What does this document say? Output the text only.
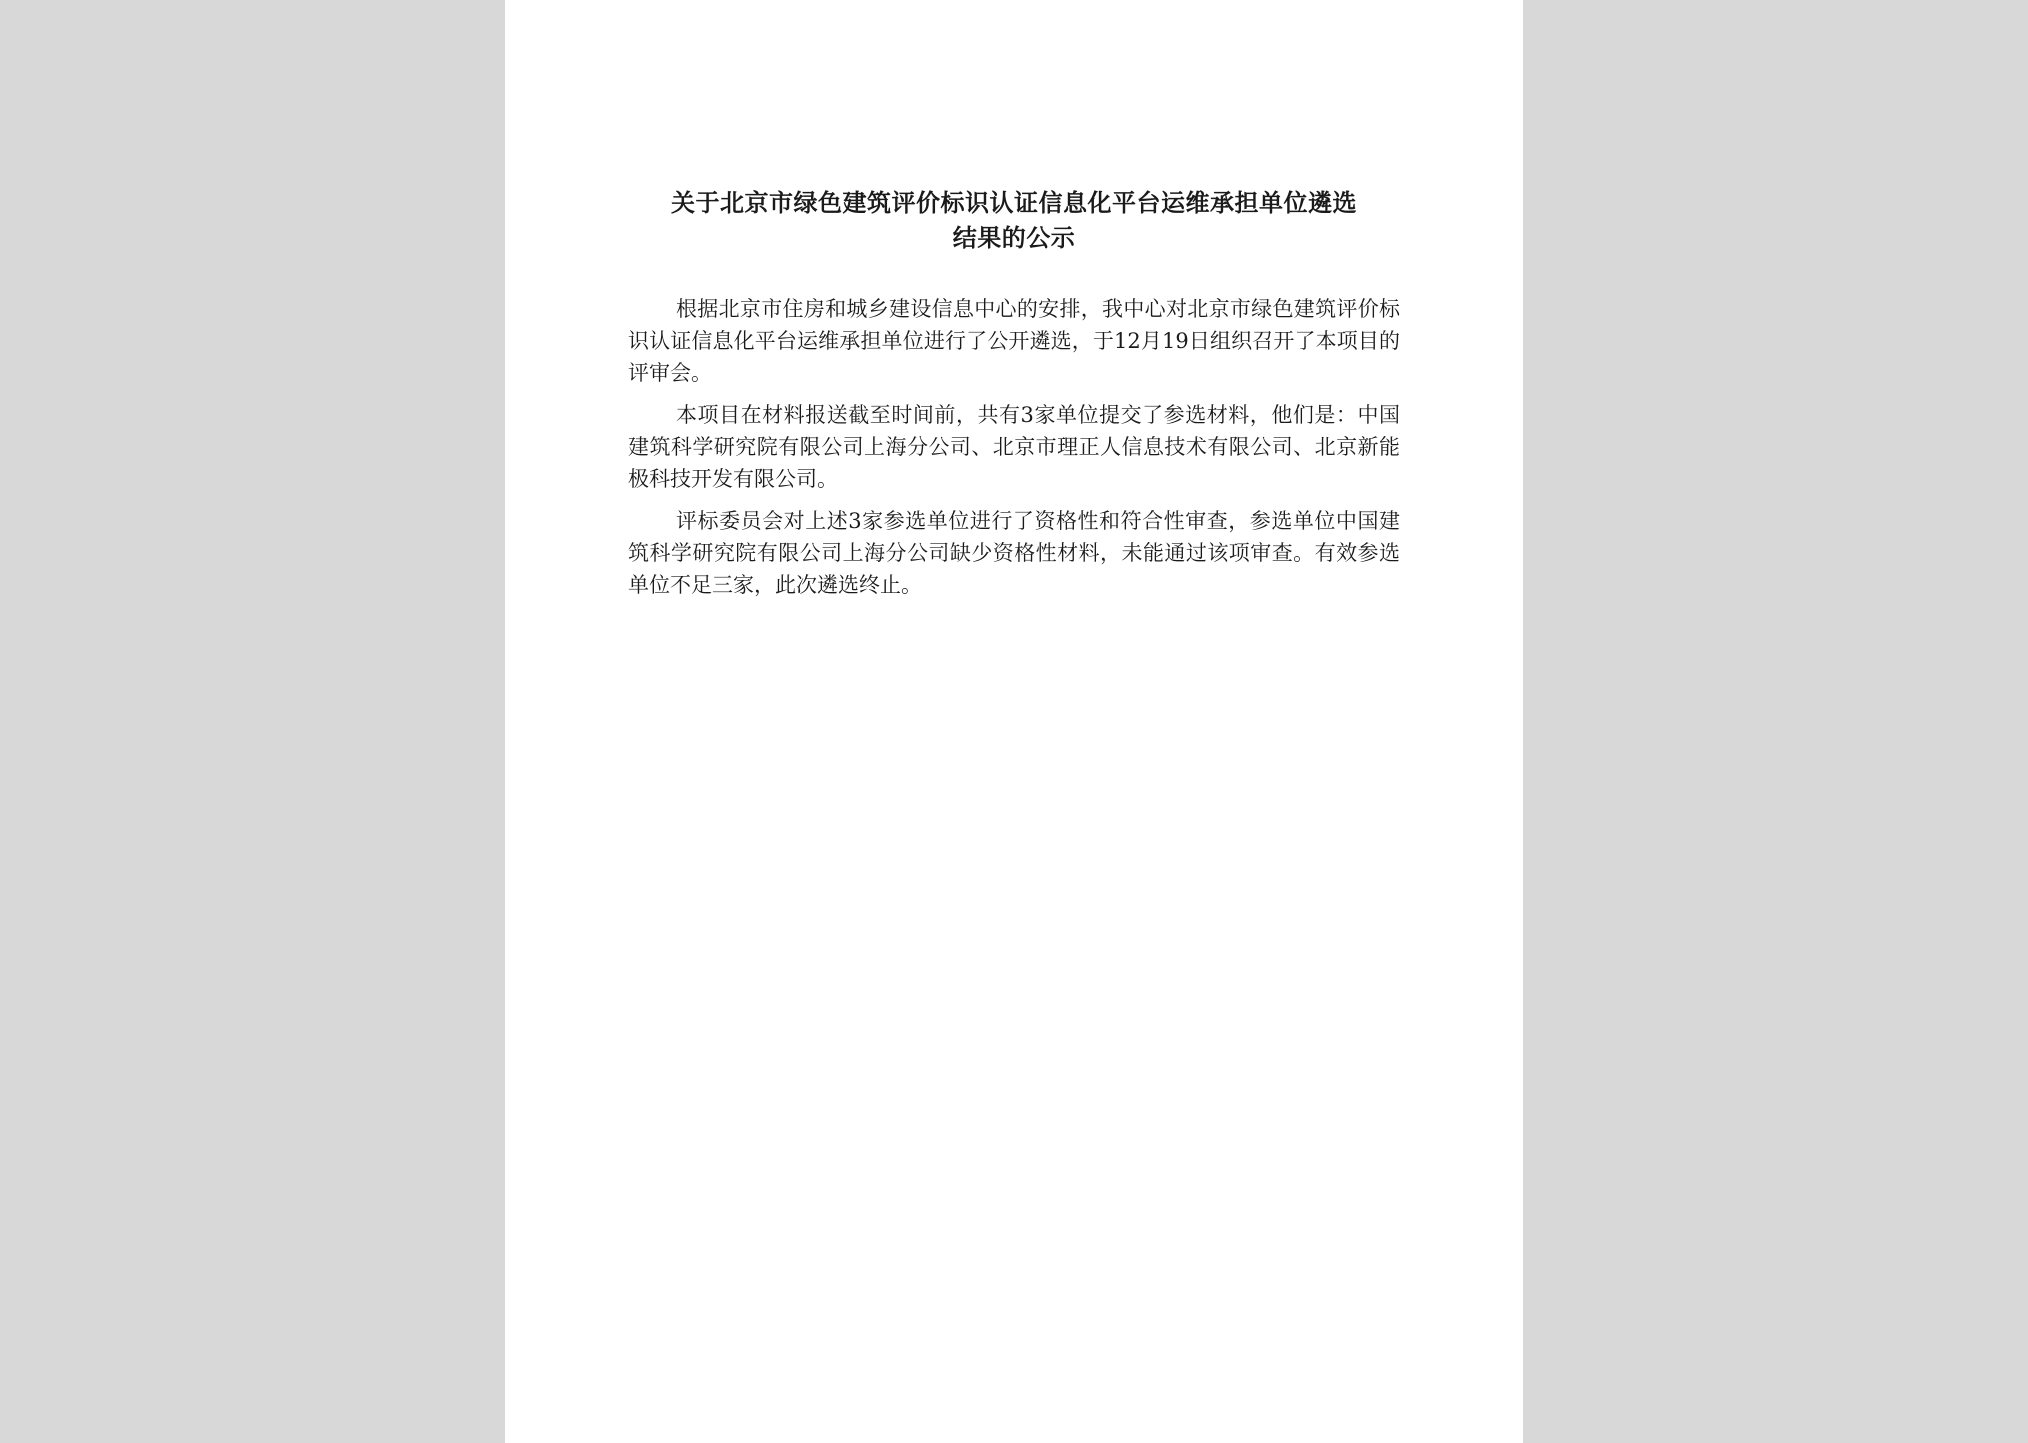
关于北京市绿色建筑评价标识认证信息化平台运维承担单位遴选
结果的公示

根据北京市住房和城乡建设信息中心的安排，我中心对北京市绿色建筑评价标识认证信息化平台运维承担单位进行了公开遴选，于12月19日组织召开了本项目的评审会。

本项目在材料报送截至时间前，共有3家单位提交了参选材料，他们是：中国建筑科学研究院有限公司上海分公司、北京市理正人信息技术有限公司、北京新能极科技开发有限公司。

评标委员会对上述3家参选单位进行了资格性和符合性审查，参选单位中国建筑科学研究院有限公司上海分公司缺少资格性材料，未能通过该项审查。有效参选单位不足三家，此次遴选终止。
